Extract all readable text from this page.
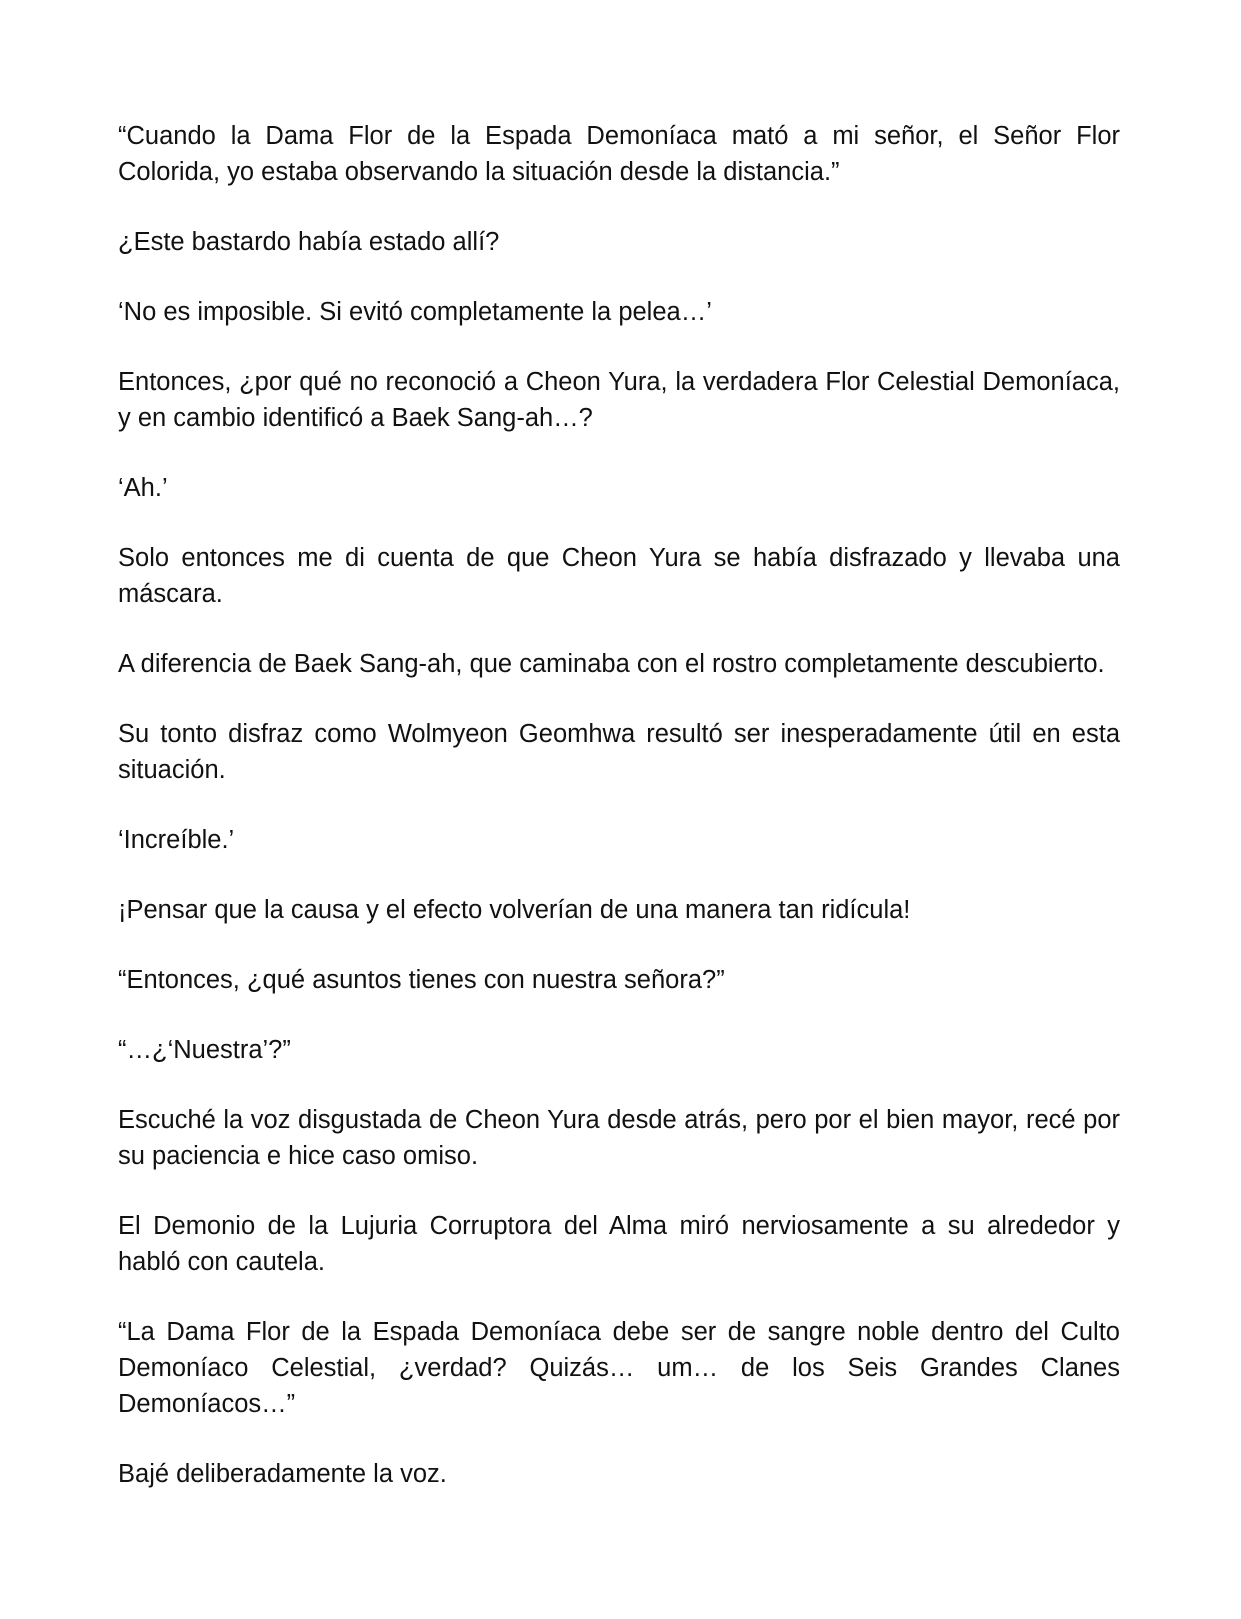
“Cuando la Dama Flor de la Espada Demoníaca mató a mi señor, el Señor Flor Colorida, yo estaba observando la situación desde la distancia.”

¿Este bastardo había estado allí?

‘No es imposible. Si evitó completamente la pelea…’

Entonces, ¿por qué no reconoció a Cheon Yura, la verdadera Flor Celestial Demoníaca, y en cambio identificó a Baek Sang-ah…?

‘Ah.’

Solo entonces me di cuenta de que Cheon Yura se había disfrazado y llevaba una máscara.

A diferencia de Baek Sang-ah, que caminaba con el rostro completamente descubierto.

Su tonto disfraz como Wolmyeon Geomhwa resultó ser inesperadamente útil en esta situación.

‘Increíble.’

¡Pensar que la causa y el efecto volverían de una manera tan ridícula!

“Entonces, ¿qué asuntos tienes con nuestra señora?”

“…¿‘Nuestra’?”

Escuché la voz disgustada de Cheon Yura desde atrás, pero por el bien mayor, recé por su paciencia e hice caso omiso.

El Demonio de la Lujuria Corruptora del Alma miró nerviosamente a su alrededor y habló con cautela.

“La Dama Flor de la Espada Demoníaca debe ser de sangre noble dentro del Culto Demoníaco Celestial, ¿verdad? Quizás… um… de los Seis Grandes Clanes Demoníacos…”

Bajé deliberadamente la voz.
